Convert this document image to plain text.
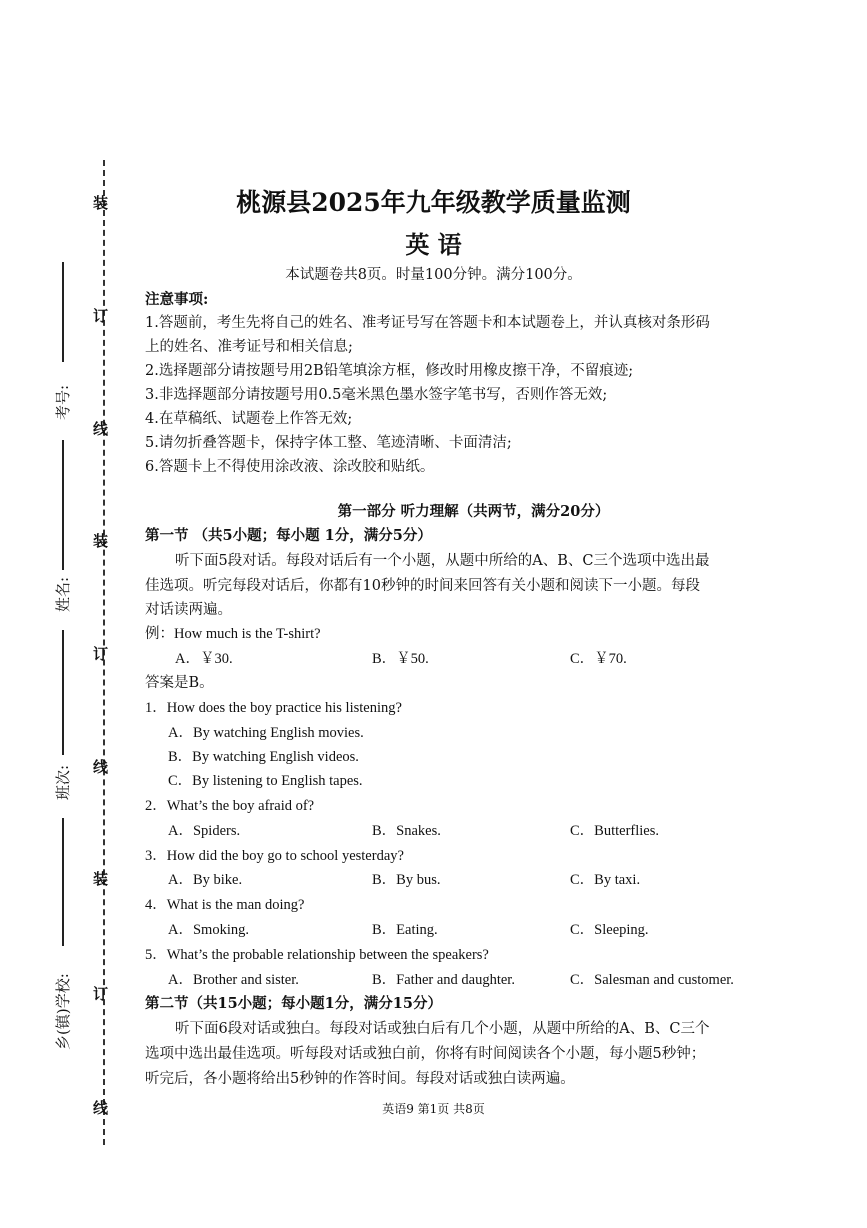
装
订
线
装
订
线
装
订
线
考号:
姓名:
班次:
乡(镇)学校:
桃源县2025年九年级教学质量监测
英 语
本试题卷共8页。时量100分钟。满分100分。
注意事项:
1.答题前，考生先将自己的姓名、准考证号写在答题卡和本试题卷上，并认真核对条形码
上的姓名、准考证号和相关信息;
2.选择题部分请按题号用2B铅笔填涂方框，修改时用橡皮擦干净，不留痕迹;
3.非选择题部分请按题号用0.5毫米黑色墨水签字笔书写，否则作答无效;
4.在草稿纸、试题卷上作答无效;
5.请勿折叠答题卡，保持字体工整、笔迹清晰、卡面清洁;
6.答题卡上不得使用涂改液、涂改胶和贴纸。
第一部分 听力理解（共两节，满分20分）
第一节 （共5小题；每小题 1分，满分5分）
听下面5段对话。每段对话后有一个小题，从题中所给的A、B、C三个选项中选出最
佳选项。听完每段对话后，你都有10秒钟的时间来回答有关小题和阅读下一小题。每段
对话读两遍。
例：How much is the T-shirt?
A．￥30.	B．￥50.	C．￥70.
答案是B。
1．How does the boy practice his listening?
A．By watching English movies.
B．By watching English videos.
C．By listening to English tapes.
2．What’s the boy afraid of?
A．Spiders.	B．Snakes.	C．Butterflies.
3．How did the boy go to school yesterday?
A．By bike.	B．By bus.	C．By taxi.
4．What is the man doing?
A．Smoking.	B．Eating.	C．Sleeping.
5．What’s the probable relationship between the speakers?
A．Brother and sister.	B．Father and daughter.	C．Salesman and customer.
第二节（共15小题；每小题1分，满分15分）
听下面6段对话或独白。每段对话或独白后有几个小题，从题中所给的A、B、C三个
选项中选出最佳选项。听每段对话或独白前，你将有时间阅读各个小题，每小题5秒钟；
听完后，各小题将给出5秒钟的作答时间。每段对话或独白读两遍。
英语9 第1页 共8页
